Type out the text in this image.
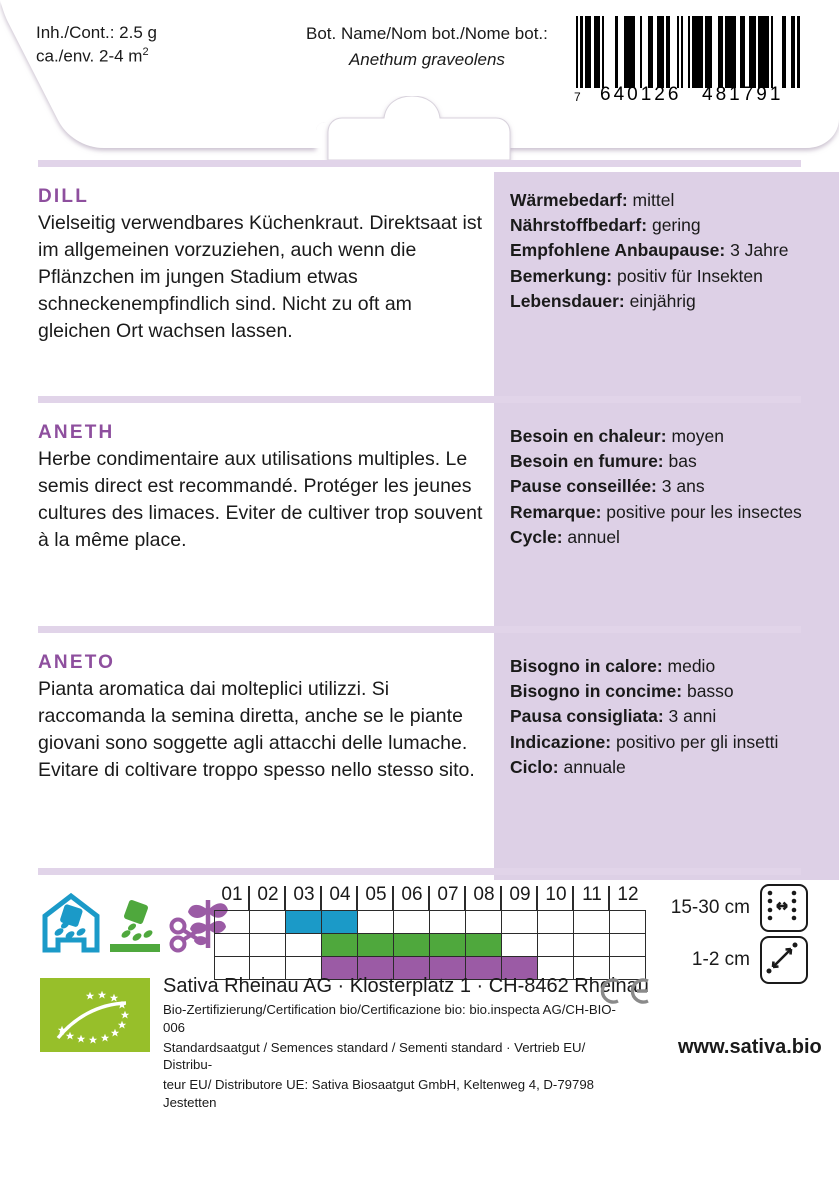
Inh./Cont.: 2.5 g
ca./env. 2-4 $m^2$
Bot. Name/Nom bot./Nome bot.:
Anethum graveolens
7 640126 481791
DILL

Vielseitig verwendbares Küchenkraut. Direktsaat ist im allgemeinen vorzuziehen, auch wenn die Pflänzchen im jungen Stadium etwas schneckenempfindlich sind. Nicht zu oft am gleichen Ort wachsen lassen.

Wärmebedarf: mittel

Nährstoffbedarf: gering

Empfohlene Anbaupause: 3 Jahre

Bemerkung: positiv für Insekten

Lebensdauer: einjährig

ANETH

Herbe condimentaire aux utilisations multiples. Le semis direct est recommandé. Protéger les jeunes cultures des limaces. Eviter de cultiver trop souvent à la même place.

Besoin en chaleur: moyen

Besoin en fumure: bas

Pause conseillée: 3 ans

Remarque: positive pour les insectes

Cycle: annuel

ANETO

Pianta aromatica dai molteplici utilizzi. Si raccomanda la semina diretta, anche se le piante giovani sono soggette agli attacchi delle lumache. Evitare di coltivare troppo spesso nello stesso sito.

Bisogno in calore: medio

Bisogno in concime: basso

Pausa consigliata: 3 anni

Indicazione: positivo per gli insetti

Ciclo: annuale

01 02 03 04 05 06 07 08 09 10 11 12
15-30 cm
1-2 cm
Sativa Rheinau AG · Klosterplatz 1 · CH-8462 Rheinau
Bio-Zertifizierung/Certification bio/Certificazione bio: bio.inspecta AG/CH-BIO-006
Standardsaatgut / Semences standard / Sementi standard · Vertrieb EU/ Distribu-
teur EU/ Distributore UE: Sativa Biosaatgut GmbH, Keltenweg 4, D-79798 Jestetten
www.sativa.bio
